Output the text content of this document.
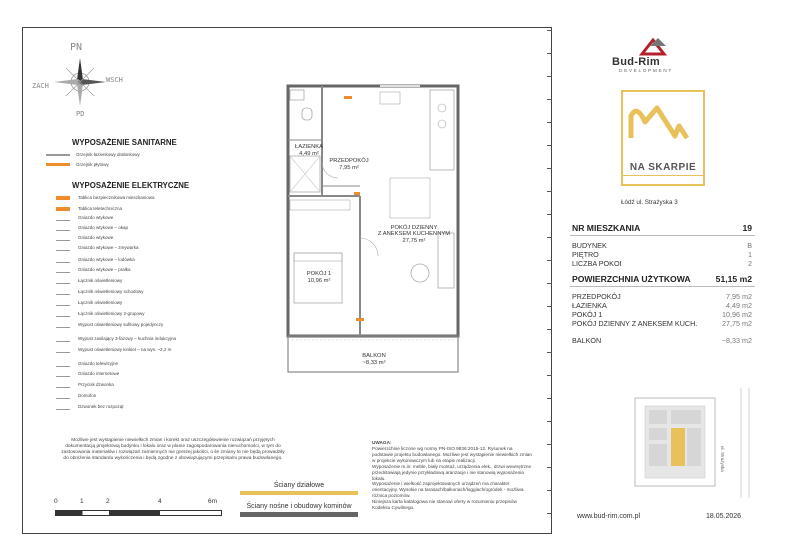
PN
PD
WSCH
ZACH
WYPOSAŻENIE SANITARNE
Grzejnik łazienkowy drabinkowy
Grzejnik płytowy
WYPOSAŻENIE ELEKTRYCZNE
Tablica bezpiecznikowa mieszkaniowa
Tablica teletechniczna
Gniazdo wtykowe
Gniazdo wtykowe – okap
Gniazdo wtykowe
Gniazdo wtykowe – zmywarka
Gniazdo wtykowe – lodówka
Gniazdo wtykowe – pralka
Łącznik oświetleniowy
Łącznik oświetleniowy schodowy
Łącznik oświetleniowy
Łącznik oświetleniowy 2-grupowy
Wypust oświetleniowy sufitowy pojedynczy
Wypust zasilający 3-fazowy – kuchnia indukcyjna
Wypust oświetleniowy kinkiet – na wys. ~2,2 m
Gniazdo telewizyjne
Gniazdo internetowe
Przycisk dzwonka
Domofon
Dzwonek bez rozpoząt
ŁAZIENKA
4,49 m²
PRZEDPOKÓJ
7,95 m²

POKÓJ DZIENNY
Z ANEKSEM KUCHENNYM
27,75 m²

POKÓJ 1
10,96 m²
BALKON
~8,33 m²
Możliwe jest wystąpienie niewielkich zmian i korekt oraz uszczegółowienie rozwiązań przyjętych dokumentacją projektową budynku i lokalu oraz w planie zagospodarowania nieruchomości, w tym do zastosowania materiałów i rozwiązań zamiennych nie gorszej jakości, o ile zmiany te nie będą prowadziły do obniżenia standardu wykończenia i będą zgodne z obowiązującymi przepisami prawa budowlanego.
UWAGA:
Powierzchnie liczone wg normy PN-ISO 9836:2015-12. Rysunek na podstawie projektu budowlanego. Możliwe jest wystąpienie niewielkich zmian w projekcie wykonawczym lub na etapie realizacji.
Wyposażenie m.in: meble, biały montaż, urządzenia elek., drzwi wewnętrzne przedstawiają jedynie przykładową aranżacje i nie stanowią wyposażenia lokalu.
Wyposażenie i wielkość zaprojektowanych urządzeń ma charakter orientacyjny. Wysokie na tarasach/balkonach/loggiach/ogródek - możliwa różnica poziomów.
Niniejsza karta katalogowa nie stanowi oferty w rozumieniu przepisów Kodeksu Cywilnego.
0	1	2	4	6m
Ściany działowe
Ściany nośne i obudowy kominów
Bud-Rim
DEVELOPMENT
NA SKARPIE
Łódź ul. Strażyska 3
NR MIESZKANIA	19
BUDYNEK	B
PIĘTRO	1
LICZBA POKOI	2
POWIERZCHNIA UŻYTKOWA	51,15 m2
PRZEDPOKÓJ	7,95 m2
ŁAZIENKA	4,49 m2
POKÓJ 1	10,96 m2
POKÓJ DZIENNY Z ANEKSEM KUCH.	27,75 m2
BALKON	~8,33 m2
ul. Strażyska
www.bud-rim.com.pl	18.05.2026
